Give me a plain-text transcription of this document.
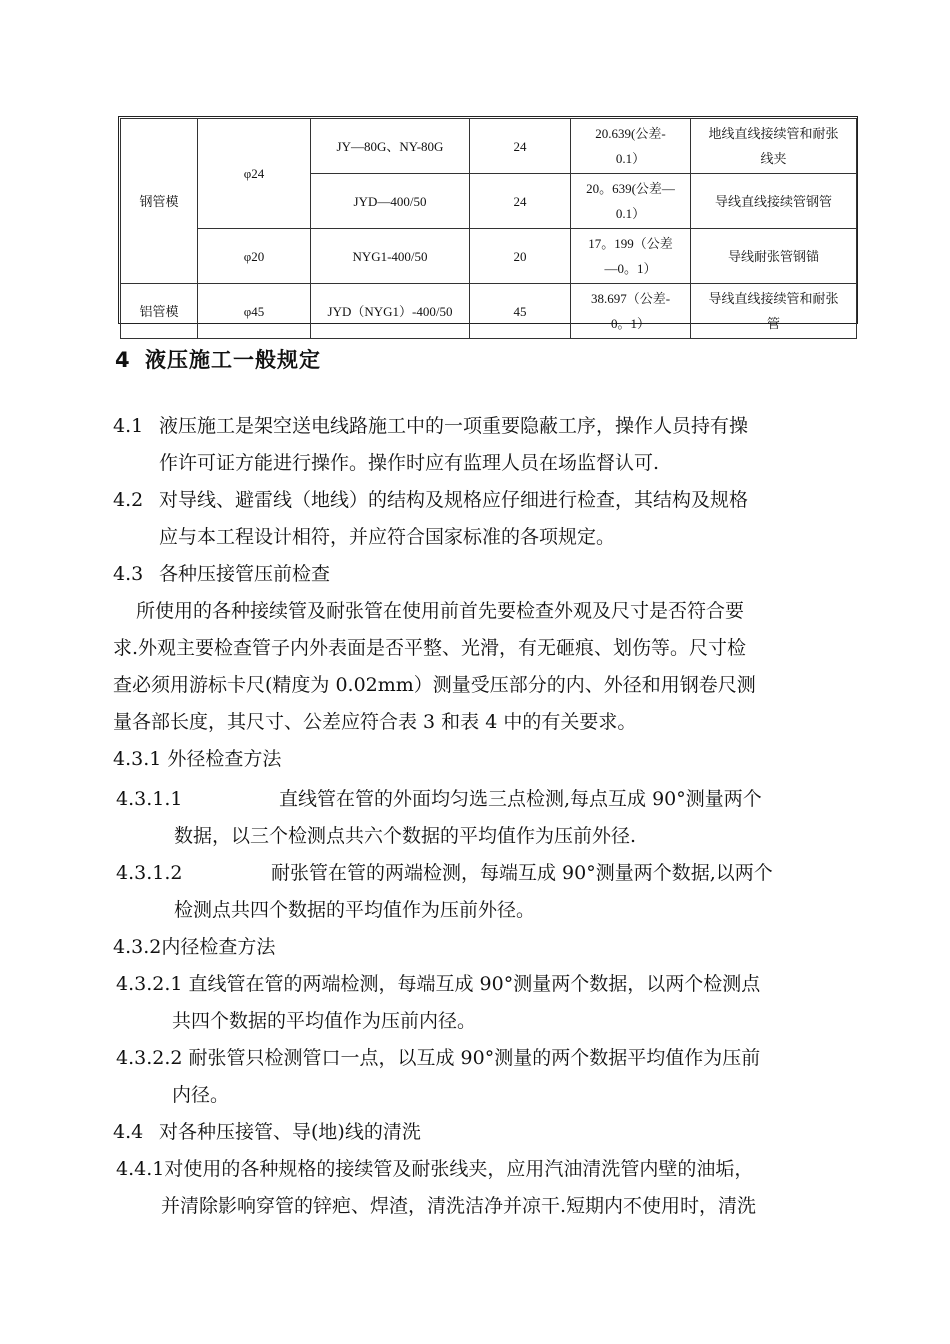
钢管模	φ24	JY—80G、NY-80G	24	20.639(公差-
0.1）	地线直线接续管和耐张
线夹
		JYD—400/50	24	20。639(公差—
0.1）	导线直线接续管钢管
	φ20	NYG1-400/50	20	17。199（公差
—0。1）	导线耐张管钢锚
铝管模	φ45	JYD（NYG1）-400/50	45	38.697（公差-
0。1）	导线直线接续管和耐张
管
4 液压施工一般规定
4.1 液压施工是架空送电线路施工中的一项重要隐蔽工序，操作人员持有操
作许可证方能进行操作。操作时应有监理人员在场监督认可.
4.2 对导线、避雷线（地线）的结构及规格应仔细进行检查，其结构及规格
应与本工程设计相符，并应符合国家标准的各项规定。
4.3 各种压接管压前检查
所使用的各种接续管及耐张管在使用前首先要检查外观及尺寸是否符合要
求.外观主要检查管子内外表面是否平整、光滑，有无砸痕、划伤等。尺寸检
查必须用游标卡尺(精度为 0.02mm）测量受压部分的内、外径和用钢卷尺测
量各部长度，其尺寸、公差应符合表 3 和表 4 中的有关要求。
4.3.1 外径检查方法
4.3.1.1	直线管在管的外面均匀选三点检测,每点互成 90°测量两个
数据，以三个检测点共六个数据的平均值作为压前外径.
4.3.1.2	耐张管在管的两端检测，每端互成 90°测量两个数据,以两个
检测点共四个数据的平均值作为压前外径。
4.3.2内径检查方法
4.3.2.1 直线管在管的两端检测，每端互成 90°测量两个数据，以两个检测点
共四个数据的平均值作为压前内径。
4.3.2.2 耐张管只检测管口一点，以互成 90°测量的两个数据平均值作为压前
内径。
4.4 对各种压接管、导(地)线的清洗
4.4.1对使用的各种规格的接续管及耐张线夹，应用汽油清洗管内壁的油垢，
并清除影响穿管的锌疤、焊渣，清洗洁净并凉干.短期内不使用时，清洗
